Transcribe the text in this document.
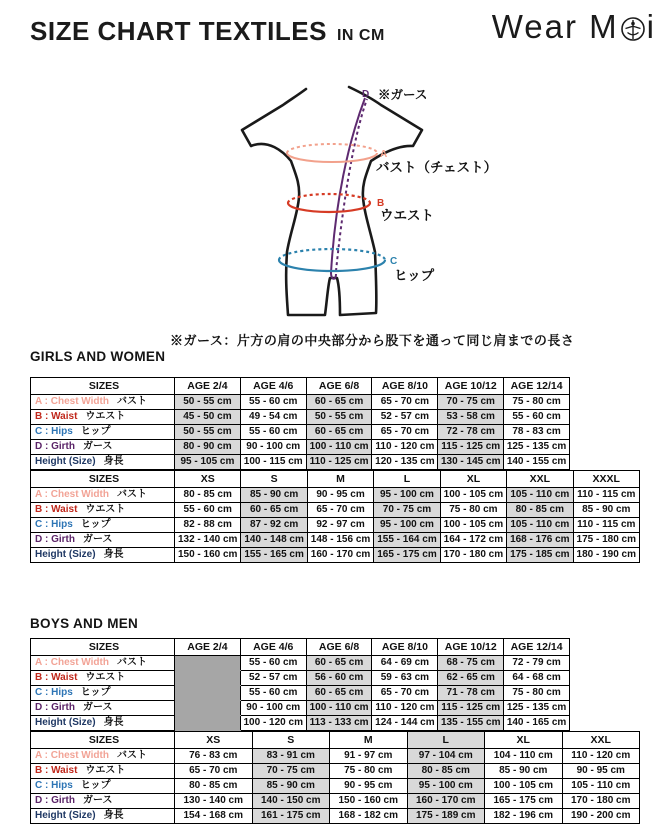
SIZE CHART TEXTILES IN CM	Wear M i
D
A
B
C
※ガース
バスト（チェスト）
ウエスト
ヒップ
※ガース：片方の肩の中央部分から股下を通って同じ肩までの長さ
GIRLS AND WOMEN
SIZES	AGE 2/4	AGE 4/6	AGE 6/8	AGE 8/10	AGE 10/12	AGE 12/14
A : Chest Width バスト	50 - 55 cm	55 - 60 cm	60 - 65 cm	65 - 70 cm	70 - 75 cm	75 - 80 cm
B : Waist ウエスト	45 - 50 cm	49 - 54 cm	50 - 55 cm	52 - 57 cm	53 - 58 cm	55 - 60 cm
C : Hips ヒップ	50 - 55 cm	55 - 60 cm	60 - 65 cm	65 - 70 cm	72 - 78 cm	78 - 83 cm
D : Girth ガース	80 - 90 cm	90 - 100 cm	100 - 110 cm	110 - 120 cm	115 - 125 cm	125 - 135 cm
Height (Size) 身長	95 - 105 cm	100 - 115 cm	110 - 125 cm	120 - 135 cm	130 - 145 cm	140 - 155 cm
SIZES	XS	S	M	L	XL	XXL	XXXL
A : Chest Width バスト	80 - 85 cm	85 - 90 cm	90 - 95 cm	95 - 100 cm	100 - 105 cm	105 - 110 cm	110 - 115 cm
B : Waist ウエスト	55 - 60 cm	60 - 65 cm	65 - 70 cm	70 - 75 cm	75 - 80 cm	80 - 85 cm	85 - 90 cm
C : Hips ヒップ	82 - 88 cm	87 - 92 cm	92 - 97 cm	95 - 100 cm	100 - 105 cm	105 - 110 cm	110 - 115 cm
D : Girth ガース	132 - 140 cm	140 - 148 cm	148 - 156 cm	155 - 164 cm	164 - 172 cm	168 - 176 cm	175 - 180 cm
Height (Size) 身長	150 - 160 cm	155 - 165 cm	160 - 170 cm	165 - 175 cm	170 - 180 cm	175 - 185 cm	180 - 190 cm
BOYS AND MEN
SIZES	AGE 2/4	AGE 4/6	AGE 6/8	AGE 8/10	AGE 10/12	AGE 12/14
A : Chest Width バスト		55 - 60 cm	60 - 65 cm	64 - 69 cm	68 - 75 cm	72 - 79 cm
B : Waist ウエスト		52 - 57 cm	56 - 60 cm	59 - 63 cm	62 - 65 cm	64 - 68 cm
C : Hips ヒップ		55 - 60 cm	60 - 65 cm	65 - 70 cm	71 - 78 cm	75 - 80 cm
D : Girth ガース		90 - 100 cm	100 - 110 cm	110 - 120 cm	115 - 125 cm	125 - 135 cm
Height (Size) 身長		100 - 120 cm	113 - 133 cm	124 - 144 cm	135 - 155 cm	140 - 165 cm
SIZES	XS	S	M	L	XL	XXL
A : Chest Width バスト	76 - 83 cm	83 - 91 cm	91 - 97 cm	97 - 104 cm	104 - 110 cm	110 - 120 cm
B : Waist ウエスト	65 - 70 cm	70 - 75 cm	75 - 80 cm	80 - 85 cm	85 - 90 cm	90 - 95 cm
C : Hips ヒップ	80 - 85 cm	85 - 90 cm	90 - 95 cm	95 - 100 cm	100 - 105 cm	105 - 110 cm
D : Girth ガース	130 - 140 cm	140 - 150 cm	150 - 160 cm	160 - 170 cm	165 - 175 cm	170 - 180 cm
Height (Size) 身長	154 - 168 cm	161 - 175 cm	168 - 182 cm	175 - 189 cm	182 - 196 cm	190 - 200 cm
